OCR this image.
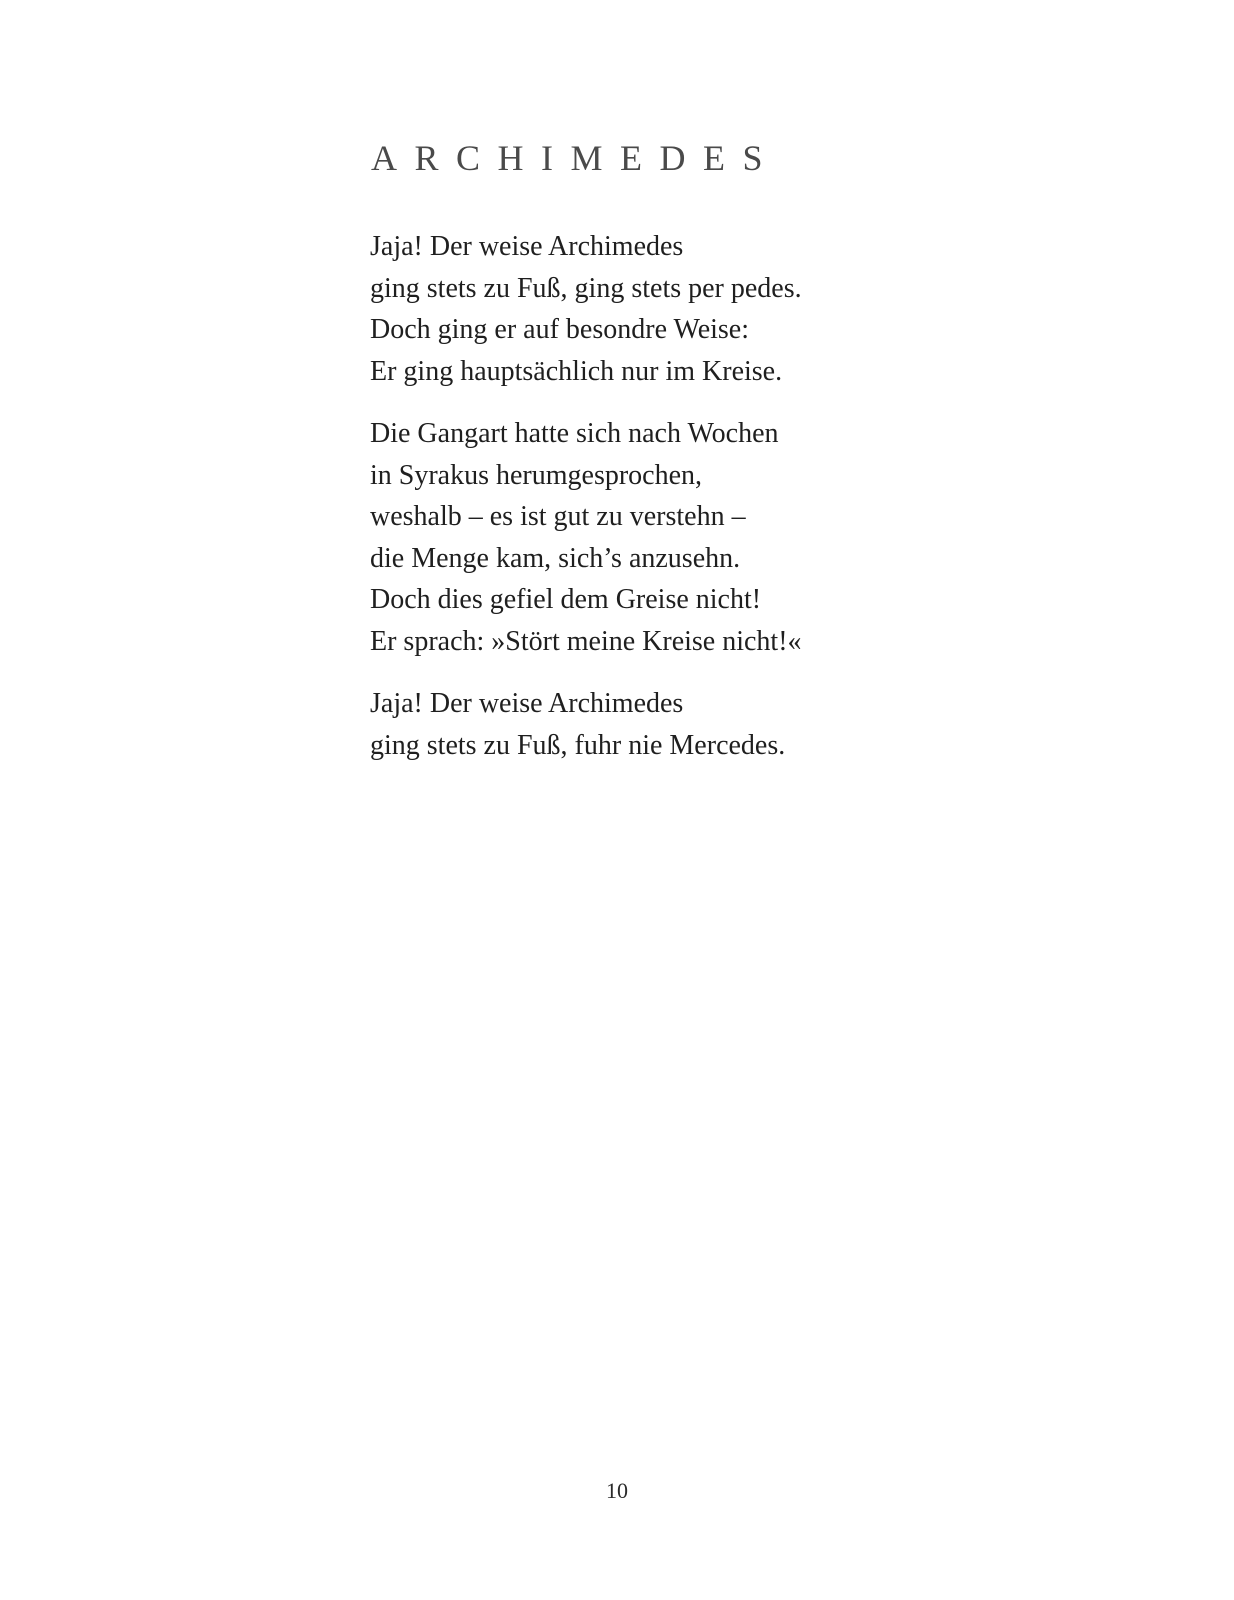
ARCHIMEDES

Jaja! Der weise Archimedes
ging stets zu Fuß, ging stets per pedes.
Doch ging er auf besondre Weise:
Er ging hauptsächlich nur im Kreise.

Die Gangart hatte sich nach Wochen
in Syrakus herumgesprochen,
weshalb – es ist gut zu verstehn –
die Menge kam, sich’s anzusehn.
Doch dies gefiel dem Greise nicht!
Er sprach: »Stört meine Kreise nicht!«

Jaja! Der weise Archimedes
ging stets zu Fuß, fuhr nie Mercedes.

10
